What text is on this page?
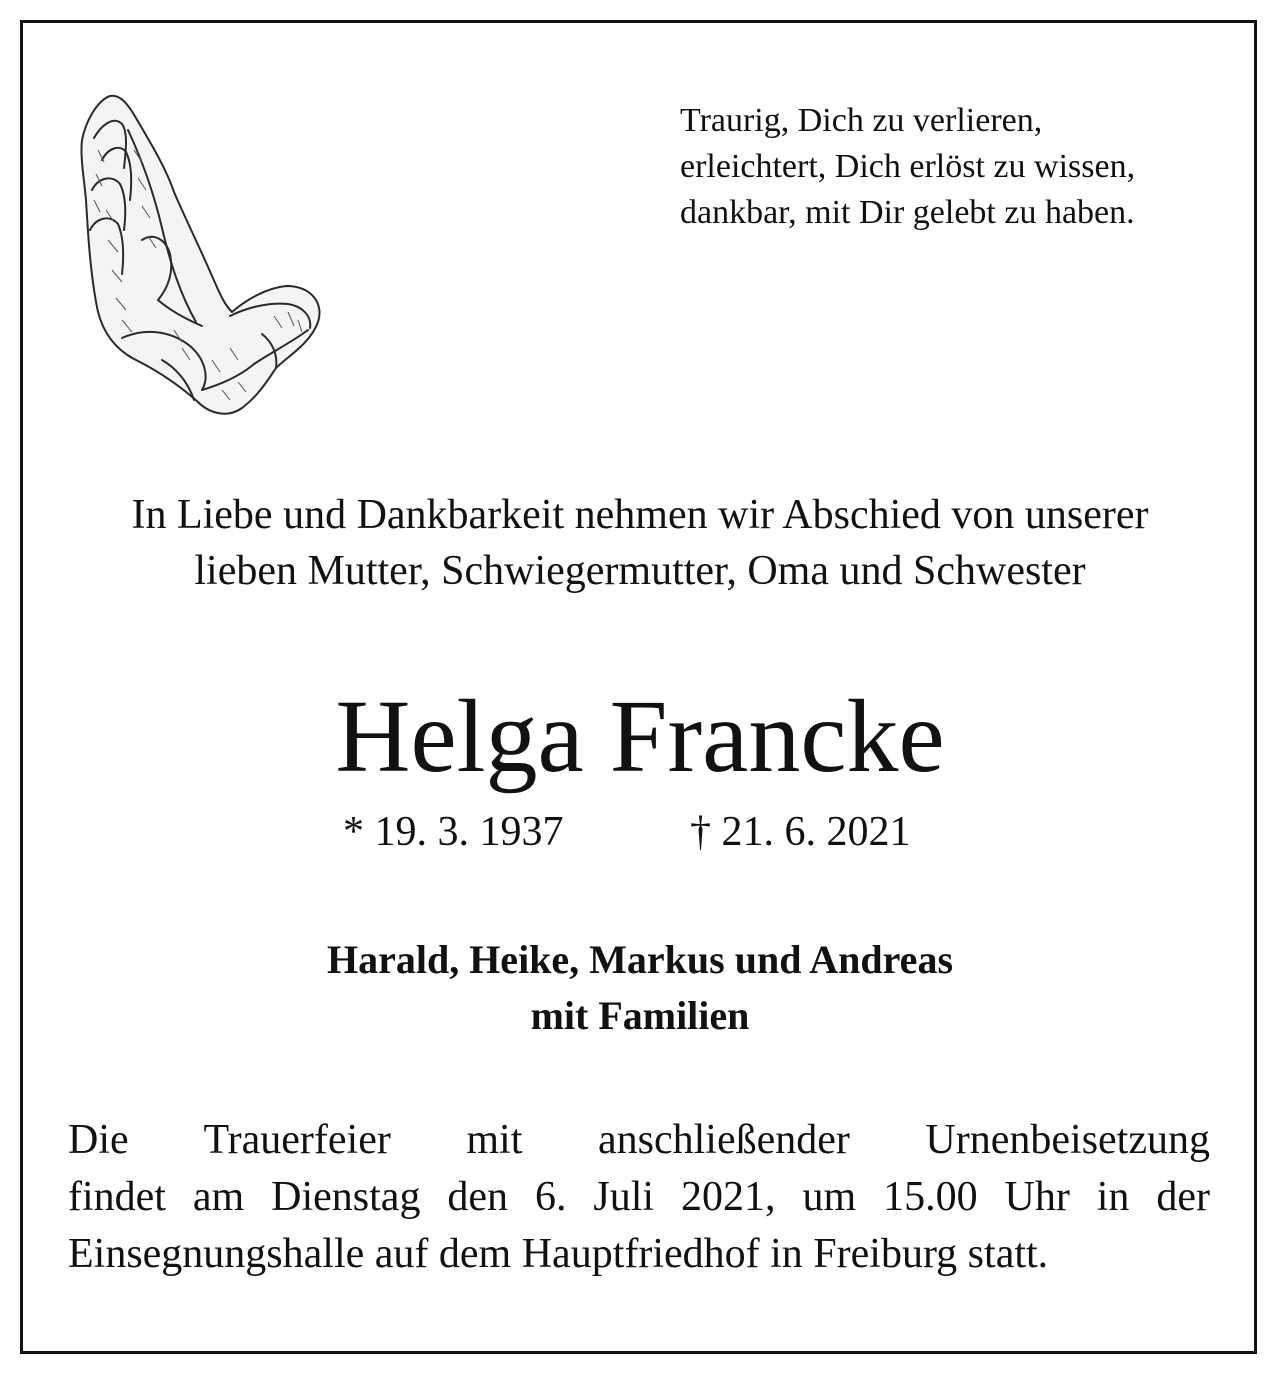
Traurig, Dich zu verlieren,
erleichtert, Dich erlöst zu wissen,
dankbar, mit Dir gelebt zu haben.
In Liebe und Dankbarkeit nehmen wir Abschied von unserer
lieben Mutter, Schwiegermutter, Oma und Schwester
Helga Francke
* 19. 3. 1937	† 21. 6. 2021
Harald, Heike, Markus und Andreas
mit Familien
Die Trauerfeier mit anschließender Urnenbeisetzung
findet am Dienstag den 6. Juli 2021, um 15.00 Uhr in der
Einsegnungshalle auf dem Hauptfriedhof in Freiburg statt.
